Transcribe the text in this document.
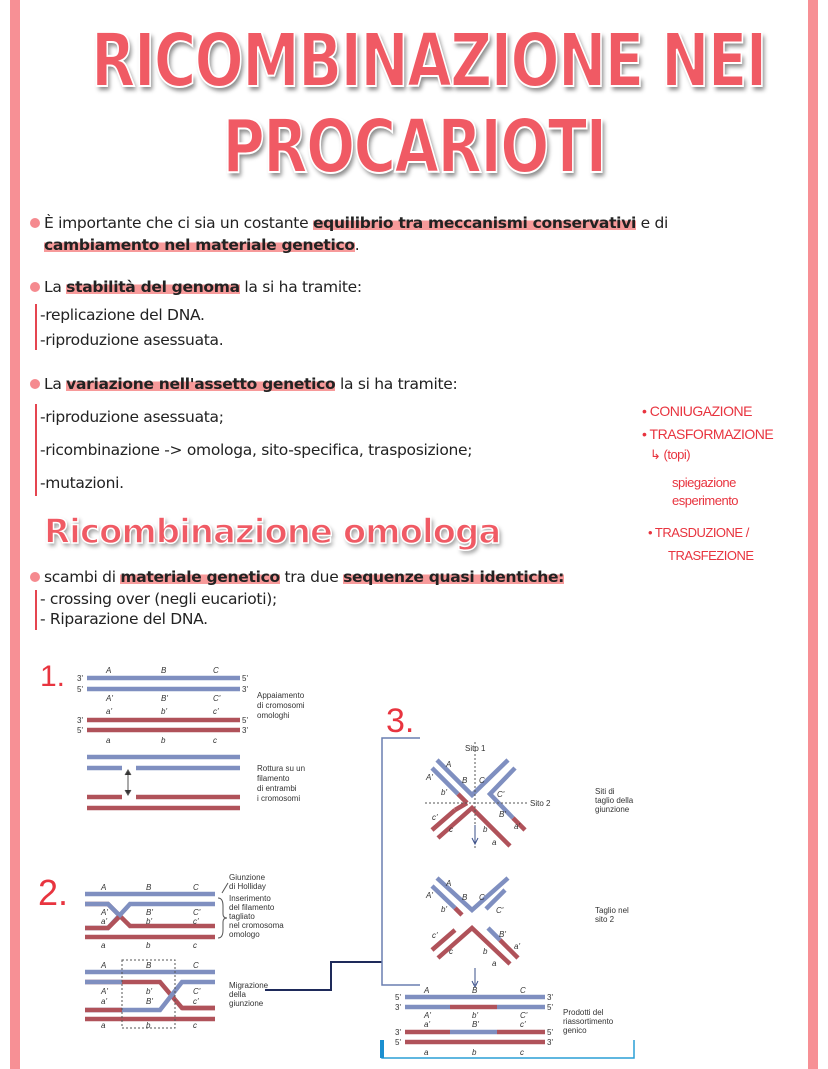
RICOMBINAZIONE NEI
PROCARIOTI
È importante che ci sia un costante equilibrio tra meccanismi conservativi e di
cambiamento nel materiale genetico.
La stabilità del genoma la si ha tramite:
-replicazione del DNA.
-riproduzione asessuata.
La variazione nell'assetto genetico la si ha tramite:
-riproduzione asessuata;
-ricombinazione -> omologa, sito-specifica, trasposizione;
-mutazioni.
• CONIUGAZIONE
• TRASFORMAZIONE
↳ (topi)
spiegazione
esperimento
• TRASDUZIONE /
TRASFEZIONE
Ricombinazione omologa
scambi di materiale genetico tra due sequenze quasi identiche:
- crossing over (negli eucarioti);
- Riparazione del DNA.
1.
2.
3.
3'
5'
5'
3'
3'
5'
5'
3'
A	B	C
A'	B'	C'
a'	b'	c'
a	b	c
Appaiamento
di cromosomi
omologhi
Rottura su un
filamento
di entrambi
i cromosomi
A	B	C
A'	B'	C'
a'	b'	c'
a	b	c
Giunzione
di Holliday
Inserimento
del filamento
tagliato
nel cromosoma
omologo
A	B	C
A'	b'	C'
a'	B'	c'
a	b	c
Migrazione
della
giunzione
Sito 1
Sito 2
A
B C
A'
C'
b'
c'	B'
a'
c	b
a
Siti di
taglio della
giunzione
A
B C
A'
b'	C'
c'	B'
a'
c	b
a
Taglio nel
sito 2
5'
3'
3'
5'
3'
5'
5'
3'
A	B	C
A'	b'	C'
a'	B'	c'
a	b	c
Prodotti del
riassortimento
genico
